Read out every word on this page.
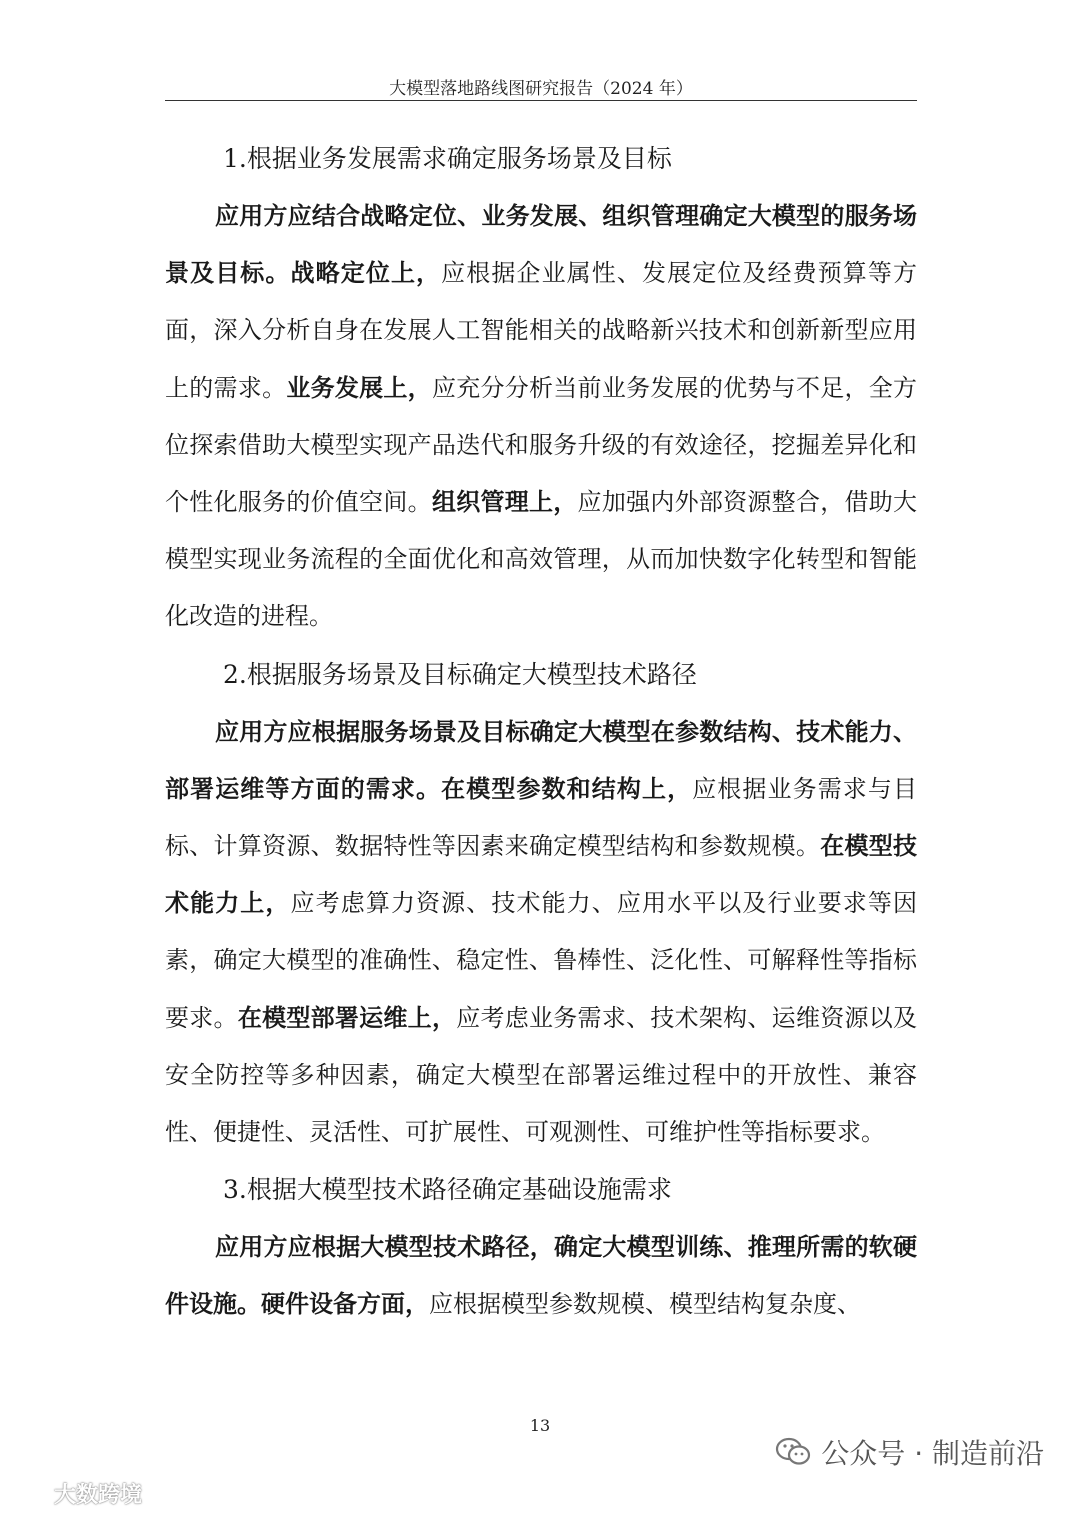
大模型落地路线图研究报告（2024 年）
1.根据业务发展需求确定服务场景及目标

应用方应结合战略定位、业务发展、组织管理确定大模型的服务场景及目标。战略定位上，应根据企业属性、发展定位及经费预算等方面，深入分析自身在发展人工智能相关的战略新兴技术和创新新型应用上的需求。业务发展上，应充分分析当前业务发展的优势与不足，全方位探索借助大模型实现产品迭代和服务升级的有效途径，挖掘差异化和个性化服务的价值空间。组织管理上，应加强内外部资源整合，借助大模型实现业务流程的全面优化和高效管理，从而加快数字化转型和智能化改造的进程。

2.根据服务场景及目标确定大模型技术路径

应用方应根据服务场景及目标确定大模型在参数结构、技术能力、部署运维等方面的需求。在模型参数和结构上，应根据业务需求与目标、计算资源、数据特性等因素来确定模型结构和参数规模。在模型技术能力上，应考虑算力资源、技术能力、应用水平以及行业要求等因素，确定大模型的准确性、稳定性、鲁棒性、泛化性、可解释性等指标要求。在模型部署运维上，应考虑业务需求、技术架构、运维资源以及安全防控等多种因素，确定大模型在部署运维过程中的开放性、兼容性、便捷性、灵活性、可扩展性、可观测性、可维护性等指标要求。

3.根据大模型技术路径确定基础设施需求

应用方应根据大模型技术路径，确定大模型训练、推理所需的软硬件设施。硬件设备方面，应根据模型参数规模、模型结构复杂度、

13
大数跨境
公众号 · 制造前沿
